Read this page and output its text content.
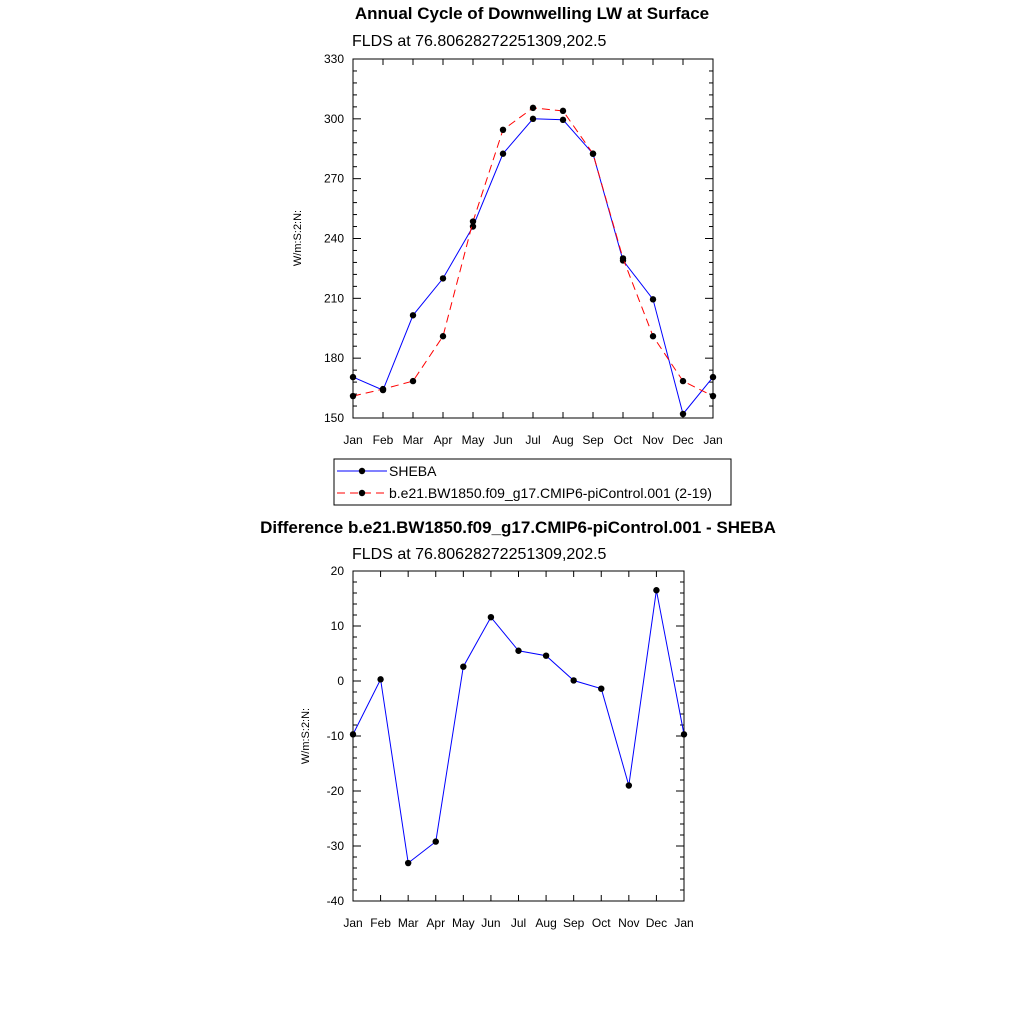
Annual Cycle of Downwelling LW at Surface
FLDS at 76.80628272251309,202.5
W/m:S:2:N:
Jan Feb Mar Apr May Jun Jul Aug Sep Oct Nov Dec Jan
150
180
210
240
270
300
330
SHEBA
b.e21.BW1850.f09_g17.CMIP6-piControl.001 (2-19)
Difference b.e21.BW1850.f09_g17.CMIP6-piControl.001 - SHEBA
FLDS at 76.80628272251309,202.5
W/m:S:2:N:
Jan Feb Mar Apr May Jun Jul Aug Sep Oct Nov Dec Jan
-40
-30
-20
-10
0
10
20
